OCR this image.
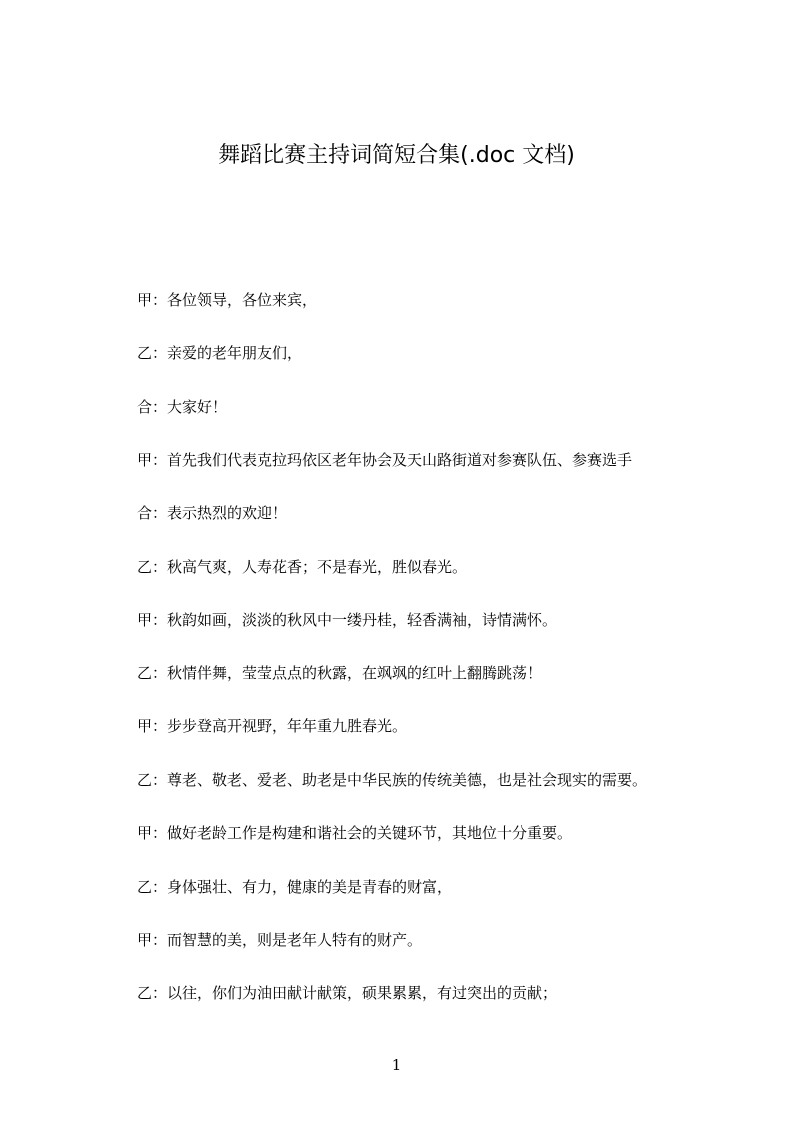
舞蹈比赛主持词简短合集(.doc 文档)

甲：各位领导，各位来宾，

乙：亲爱的老年朋友们，

合：大家好！

甲：首先我们代表克拉玛依区老年协会及天山路街道对参赛队伍、参赛选手

合：表示热烈的欢迎！

乙：秋高气爽，人寿花香；不是春光，胜似春光。

甲：秋韵如画，淡淡的秋风中一缕丹桂，轻香满袖，诗情满怀。

乙：秋情伴舞，莹莹点点的秋露，在飒飒的红叶上翻腾跳荡！

甲：步步登高开视野，年年重九胜春光。

乙：尊老、敬老、爱老、助老是中华民族的传统美德，也是社会现实的需要。

甲：做好老龄工作是构建和谐社会的关键环节，其地位十分重要。

乙：身体强壮、有力，健康的美是青春的财富，

甲：而智慧的美，则是老年人特有的财产。

乙：以往，你们为油田献计献策，硕果累累，有过突出的贡献；

1
